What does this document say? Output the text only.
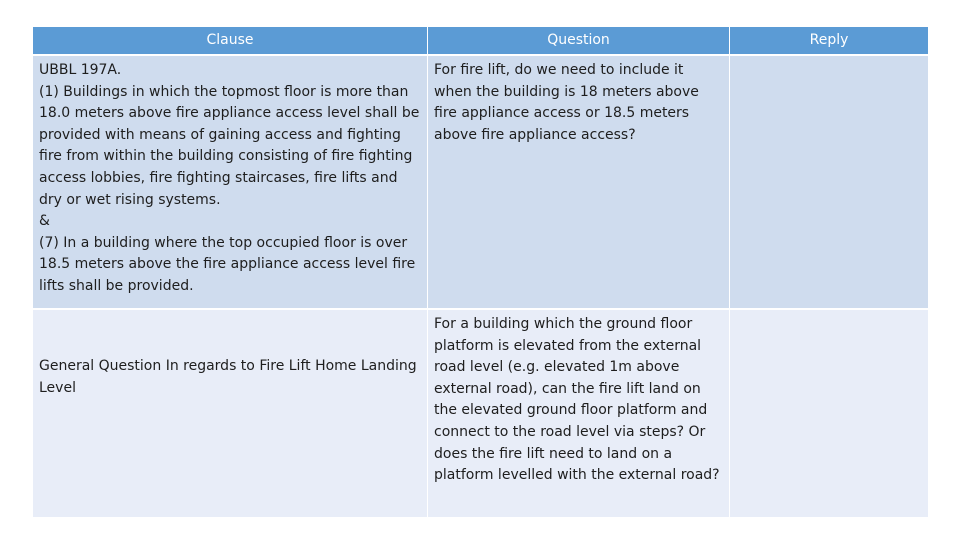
Clause	Question	Reply
UBBL 197A.
(1) Buildings in which the topmost floor is more than 18.0 meters above fire appliance access level shall be provided with means of gaining access and fighting fire from within the building consisting of fire fighting access lobbies, fire fighting staircases, fire lifts and dry or wet rising systems.
&
(7) In a building where the top occupied floor is over 18.5 meters above the fire appliance access level fire lifts shall be provided.
For fire lift, do we need to include it when the building is 18 meters above fire appliance access or 18.5 meters above fire appliance access?
General Question In regards to Fire Lift Home Landing Level
For a building which the ground floor platform is elevated from the external road level (e.g. elevated 1m above external road), can the fire lift land on the elevated ground floor platform and connect to the road level via steps? Or does the fire lift need to land on a platform levelled with the external road?
